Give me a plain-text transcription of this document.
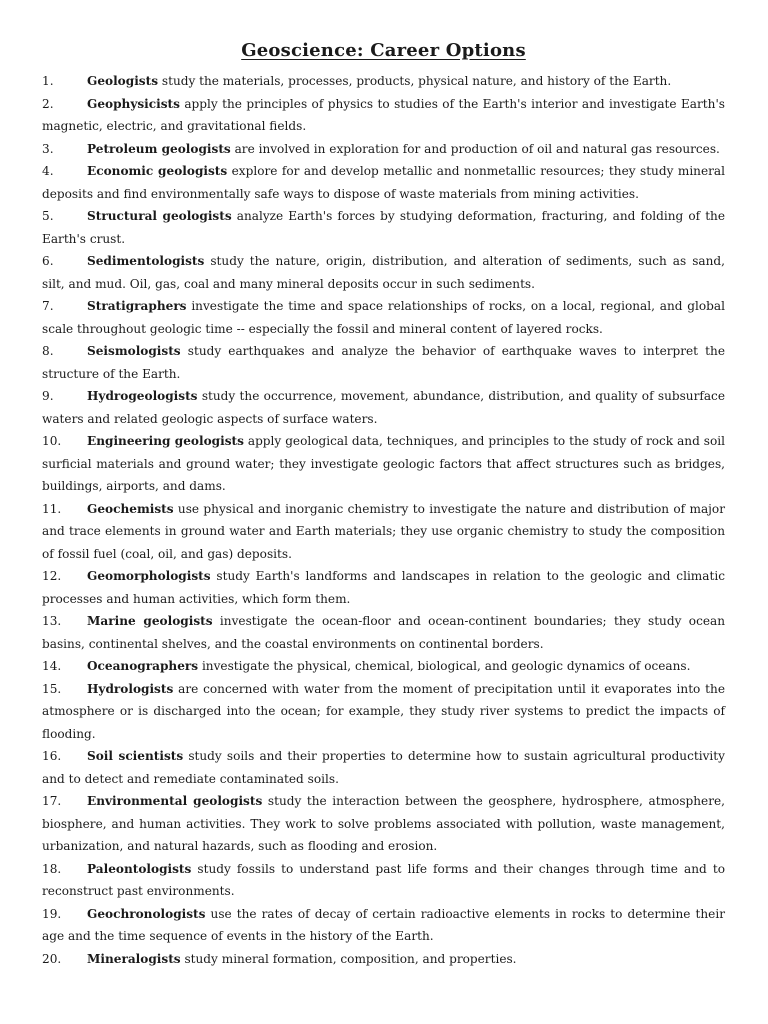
Geoscience: Career Options
1.	Geologists study the materials, processes, products, physical nature, and history of the Earth.
2.	Geophysicists apply the principles of physics to studies of the Earth's interior and investigate Earth's magnetic, electric, and gravitational fields.
3.	Petroleum geologists are involved in exploration for and production of oil and natural gas resources.
4.	Economic geologists explore for and develop metallic and nonmetallic resources; they study mineral deposits and find environmentally safe ways to dispose of waste materials from mining activities.
5.	Structural geologists analyze Earth's forces by studying deformation, fracturing, and folding of the Earth's crust.
6.	Sedimentologists study the nature, origin, distribution, and alteration of sediments, such as sand, silt, and mud. Oil, gas, coal and many mineral deposits occur in such sediments.
7.	Stratigraphers investigate the time and space relationships of rocks, on a local, regional, and global scale throughout geologic time -- especially the fossil and mineral content of layered rocks.
8.	Seismologists study earthquakes and analyze the behavior of earthquake waves to interpret the structure of the Earth.
9.	Hydrogeologists study the occurrence, movement, abundance, distribution, and quality of subsurface waters and related geologic aspects of surface waters.
10. Engineering geologists apply geological data, techniques, and principles to the study of rock and soil surficial materials and ground water; they investigate geologic factors that affect structures such as bridges, buildings, airports, and dams.
11. Geochemists use physical and inorganic chemistry to investigate the nature and distribution of major and trace elements in ground water and Earth materials; they use organic chemistry to study the composition of fossil fuel (coal, oil, and gas) deposits.
12. Geomorphologists study Earth's landforms and landscapes in relation to the geologic and climatic processes and human activities, which form them.
13. Marine geologists investigate the ocean-floor and ocean-continent boundaries; they study ocean basins, continental shelves, and the coastal environments on continental borders.
14. Oceanographers investigate the physical, chemical, biological, and geologic dynamics of oceans.
15. Hydrologists are concerned with water from the moment of precipitation until it evaporates into the atmosphere or is discharged into the ocean; for example, they study river systems to predict the impacts of flooding.
16. Soil scientists study soils and their properties to determine how to sustain agricultural productivity and to detect and remediate contaminated soils.
17. Environmental geologists study the interaction between the geosphere, hydrosphere, atmosphere, biosphere, and human activities. They work to solve problems associated with pollution, waste management, urbanization, and natural hazards, such as flooding and erosion.
18. Paleontologists study fossils to understand past life forms and their changes through time and to reconstruct past environments.
19. Geochronologists use the rates of decay of certain radioactive elements in rocks to determine their age and the time sequence of events in the history of the Earth.
20. Mineralogists study mineral formation, composition, and properties.
